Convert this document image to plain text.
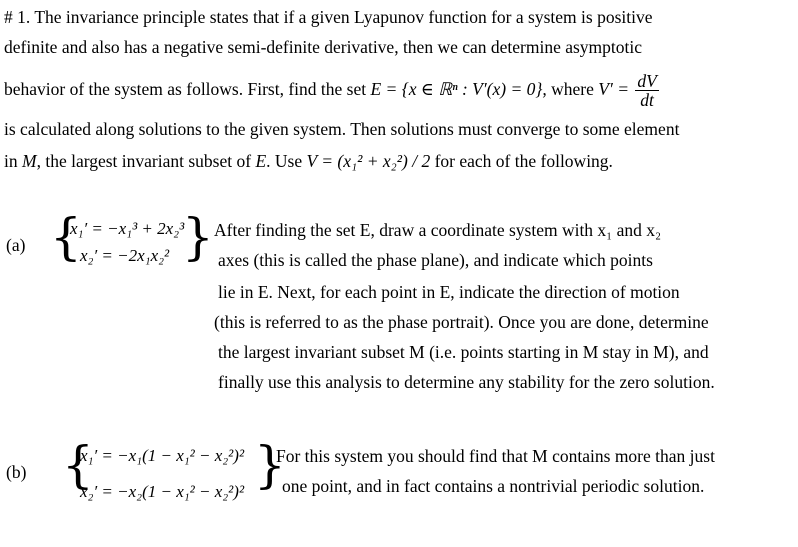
# 1. The invariance principle states that if a given Lyapunov function for a system is positive
definite and also has a negative semi-definite derivative, then we can determine asymptotic
behavior of the system as follows. First, find the set E = {x ∈ ℝⁿ : V′(x) = 0}, where $V' = \frac{dV}{dt}$
is calculated along solutions to the given system. Then solutions must converge to some element
in M, the largest invariant subset of E. Use V = (x₁² + x₂²) / 2 for each of the following.
(a) {
x₁′ = −x₁³ + 2x₂³
x₂′ = −2x₁x₂² } After finding the set E, draw a coordinate system with x₁ and x₂
axes (this is called the phase plane), and indicate which points
lie in E. Next, for each point in E, indicate the direction of motion
(this is referred to as the phase portrait). Once you are done, determine
the largest invariant subset M (i.e. points starting in M stay in M), and
finally use this analysis to determine any stability for the zero solution.
(b) {
x₁′ = −x₁(1 − x₁² − x₂²)²
x₂′ = −x₂(1 − x₁² − x₂²)² }
For this system you should find that M contains more than just
one point, and in fact contains a nontrivial periodic solution.
